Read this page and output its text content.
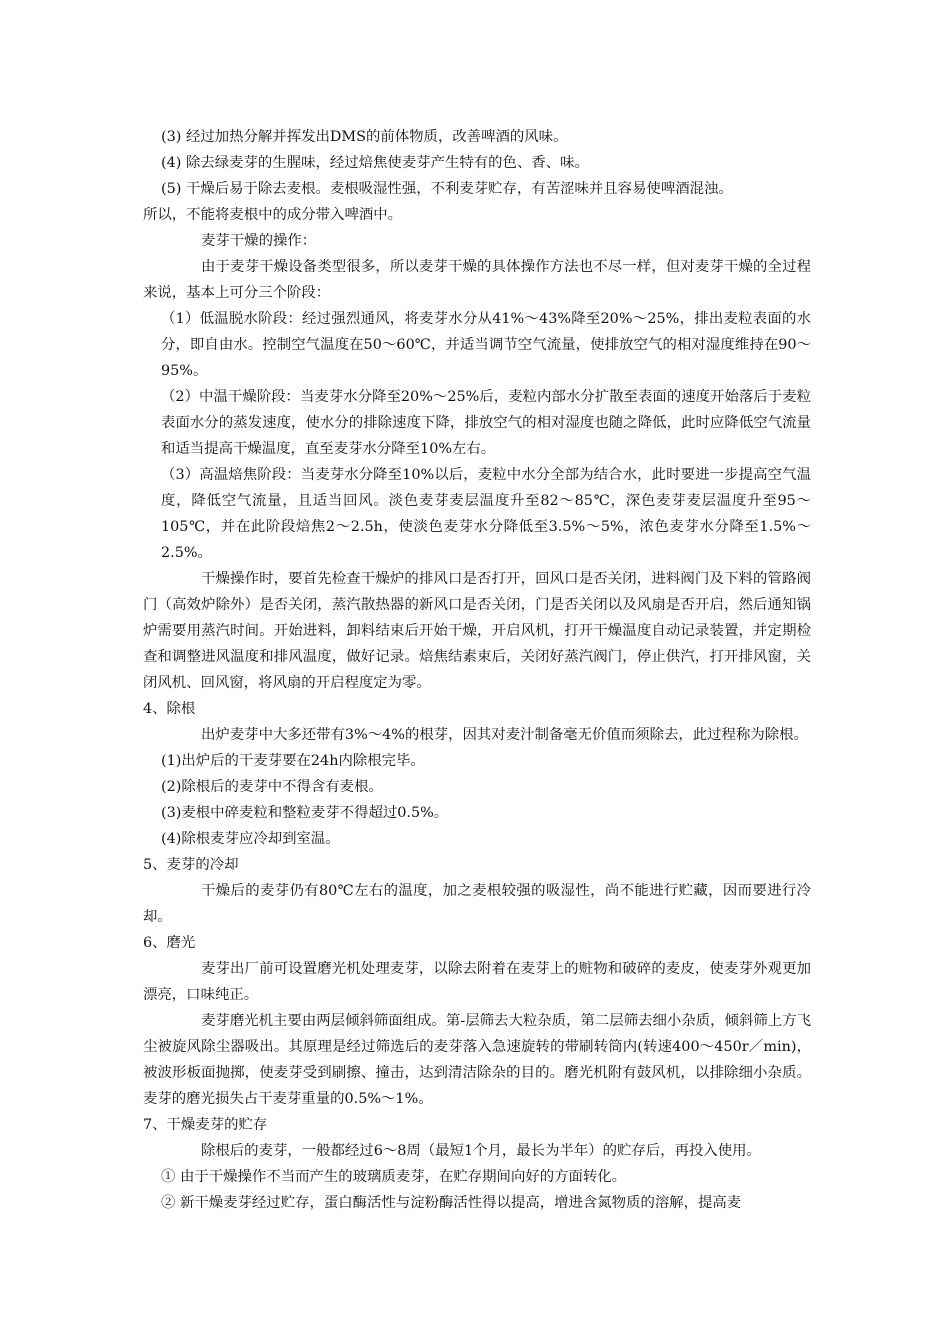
(3) 经过加热分解并挥发出DMS的前体物质，改善啤酒的风味。

(4) 除去绿麦芽的生腥味，经过焙焦使麦芽产生特有的色、香、味。

(5) 干燥后易于除去麦根。麦根吸湿性强，不利麦芽贮存，有苦涩味并且容易使啤酒混浊。

所以，不能将麦根中的成分带入啤酒中。

麦芽干燥的操作：

由于麦芽干燥设备类型很多，所以麦芽干燥的具体操作方法也不尽一样，但对麦芽干燥的全过程来说，基本上可分三个阶段：

（1）低温脱水阶段：经过强烈通风，将麦芽水分从41%～43%降至20%～25%，排出麦粒表面的水分，即自由水。控制空气温度在50～60℃，并适当调节空气流量，使排放空气的相对湿度维持在90～95%。

（2）中温干燥阶段：当麦芽水分降至20%～25%后，麦粒内部水分扩散至表面的速度开始落后于麦粒表面水分的蒸发速度，使水分的排除速度下降，排放空气的相对湿度也随之降低，此时应降低空气流量和适当提高干燥温度，直至麦芽水分降至10%左右。

（3）高温焙焦阶段：当麦芽水分降至10%以后，麦粒中水分全部为结合水，此时要进一步提高空气温度，降低空气流量，且适当回风。淡色麦芽麦层温度升至82～85℃，深色麦芽麦层温度升至95～105℃，并在此阶段焙焦2～2.5h，使淡色麦芽水分降低至3.5%～5%，浓色麦芽水分降至1.5%～2.5%。

干燥操作时，要首先检查干燥炉的排风口是否打开，回风口是否关闭，进料阀门及下料的管路阀门（高效炉除外）是否关闭，蒸汽散热器的新风口是否关闭，门是否关闭以及风扇是否开启，然后通知锅炉需要用蒸汽时间。开始进料，卸料结束后开始干燥，开启风机，打开干燥温度自动记录装置，并定期检查和调整进风温度和排风温度，做好记录。焙焦结素束后，关闭好蒸汽阀门，停止供汽，打开排风窗，关闭风机、回风窗，将风扇的开启程度定为零。

4、除根

出炉麦芽中大多还带有3%～4%的根芽，因其对麦汁制备毫无价值而须除去，此过程称为除根。

(1)出炉后的干麦芽要在24h内除根完毕。

(2)除根后的麦芽中不得含有麦根。

(3)麦根中碎麦粒和整粒麦芽不得超过0.5%。

(4)除根麦芽应冷却到室温。

5、麦芽的冷却

干燥后的麦芽仍有80℃左右的温度，加之麦根较强的吸湿性，尚不能进行贮藏，因而要进行冷却。

6、磨光

麦芽出厂前可设置磨光机处理麦芽，以除去附着在麦芽上的赃物和破碎的麦皮，使麦芽外观更加漂亮，口味纯正。

麦芽磨光机主要由两层倾斜筛面组成。第-层筛去大粒杂质，第二层筛去细小杂质，倾斜筛上方飞尘被旋风除尘器吸出。其原理是经过筛选后的麦芽落入急速旋转的带刷转筒内(转速400～450r／min)，被波形板面抛掷，使麦芽受到刷擦、撞击，达到清洁除杂的目的。磨光机附有鼓风机，以排除细小杂质。麦芽的磨光损失占干麦芽重量的0.5%～1%。

7、干燥麦芽的贮存

除根后的麦芽，一般都经过6～8周（最短1个月，最长为半年）的贮存后，再投入使用。

① 由于干燥操作不当而产生的玻璃质麦芽，在贮存期间向好的方面转化。

② 新干燥麦芽经过贮存，蛋白酶活性与淀粉酶活性得以提高，增进含氮物质的溶解，提高麦
